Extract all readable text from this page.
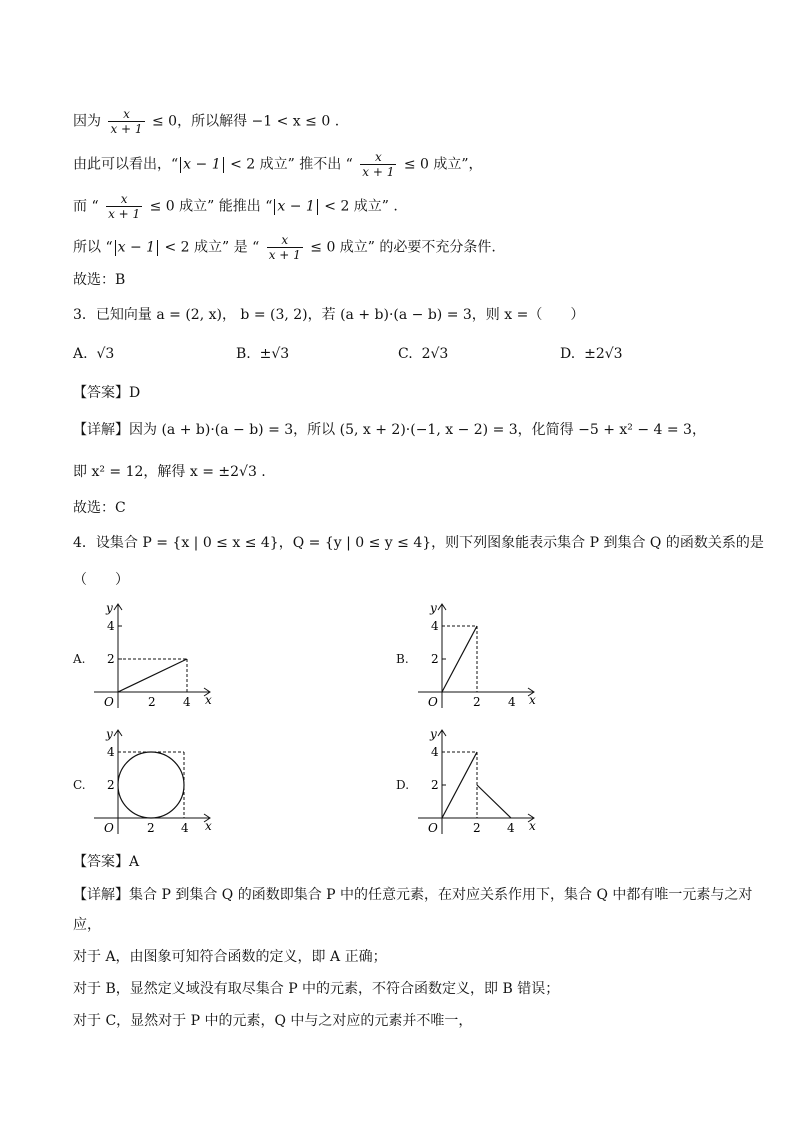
因为 $\frac{x}{x + 1} \le 0$，所以解得 −1 < x ≤ 0 .
由此可以看出，“ x − 1 < 2 成立” 推不出 “ $\frac{x}{x + 1} \le 0$ 成立”，
而 “ $\frac{x}{x + 1} \le 0$ 成立” 能推出 “ x − 1 < 2 成立” .
所以 “ x − 1 < 2 成立” 是 “ $\frac{x}{x + 1} \le 0$ 成立” 的必要不充分条件.
故选：B
3．已知向量 a = (2, x)， b = (3, 2)，若 (a + b)·(a − b) = 3，则 x =（　　）
A. √3	B. ±√3	C. 2√3	D. ±2√3
【答案】D
【详解】因为 (a + b)·(a − b) = 3，所以 (5, x + 2)·(−1, x − 2) = 3，化简得 −5 + x² − 4 = 3，
即 x² = 12，解得 x = ±2√3 .
故选：C
4．设集合 P = {x | 0 ≤ x ≤ 4}，Q = {y | 0 ≤ y ≤ 4}，则下列图象能表示集合 P 到集合 Q 的函数关系的是
（　　）
A.
O
4
2
2 4 x
y
B.
O
4
2
2 4 x
y
C.
O
4
2
2 4 x
y
D.
O
4
2
2 4 x
y
【答案】A
【详解】集合 P 到集合 Q 的函数即集合 P 中的任意元素，在对应关系作用下，集合 Q 中都有唯一元素与之对
应，
对于 A，由图象可知符合函数的定义，即 A 正确；
对于 B，显然定义域没有取尽集合 P 中的元素，不符合函数定义，即 B 错误；
对于 C，显然对于 P 中的元素，Q 中与之对应的元素并不唯一，
